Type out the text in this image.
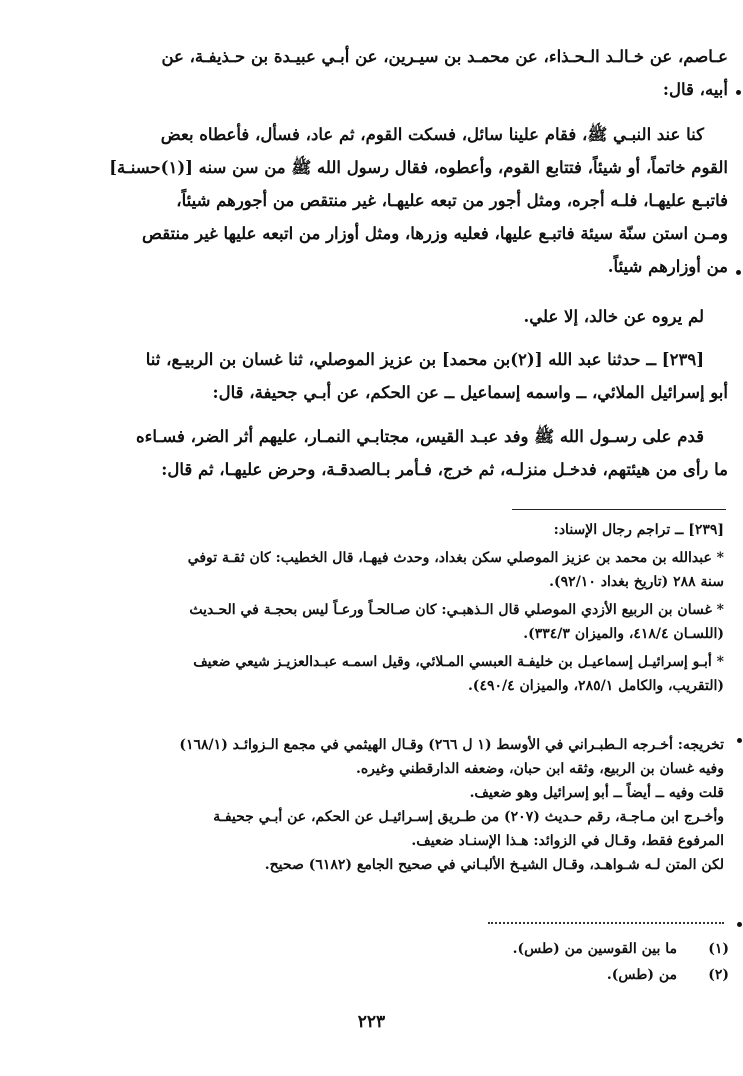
عـاصم، عن خـالـد الـحـذاء، عن محمـد بن سيـرين، عن أبـي عبيـدة بن حـذيفـة، عن

أبيه، قال:

كنا عند النبـي ﷺ، فقام علينا سائل، فسكت القوم، ثم عاد، فسأل، فأعطاه بعض

القوم خاتماً، أو شيئاً، فتتابع القوم، وأعطوه، فقال رسول الله ﷺ من سن سنه [(١)حسنـة]

فاتبـع عليهـا، فلـه أجره، ومثل أجور من تبعه عليهـا، غير منتقص من أجورهم شيئاً،

ومـن استن سنّة سيئة فاتبـع عليها، فعليه وزرها، ومثل أوزار من اتبعه عليها غير منتقص

من أوزارهم شيئاً.

لم يروه عن خالد، إلا علي.

[٢٣٩] ــ حدثنا عبد الله [(٢)بن محمد] بن عزيز الموصلي، ثنا غسان بن الربيـع، ثنا

أبو إسرائيل الملائي، ــ واسمه إسماعيل ــ عن الحكم، عن أبـي جحيفة، قال:

قدم على رسـول الله ﷺ وفد عبـد القيس، مجتابـي النمـار، عليهم أثر الضر، فسـاءه

ما رأى من هيئتهم، فدخـل منزلـه، ثم خرج، فـأمر بـالصدقـة، وحرض عليهـا، ثم قال:

[٢٣٩] ــ تراجم رجال الإسناد:

* عبدالله بن محمد بن عزيز الموصلي سكن بغداد، وحدث فيهـا، قال الخطيب: كان ثقـة توفي

سنة ٢٨٨ (تاريخ بغداد ٩٢/١٠).

* غسان بن الربيع الأزدي الموصلي قال الـذهبـي: كان صـالحـاً ورعـاً ليس بحجـة في الحـديث

(اللسـان ٤١٨/٤، والميزان ٣٣٤/٣).

* أبـو إسرائيـل إسماعيـل بن خليفـة العبسي المـلائي، وقيل اسمـه عبـدالعزيـز شيعي ضعيف

(التقريب، والكامل ٢٨٥/١، والميزان ٤٩٠/٤).

تخريجه: أخـرجه الـطبـراني في الأوسط (١ ل ٢٦٦) وقـال الهيثمي في مجمع الـزوائـد (١٦٨/١)

وفيه غسان بن الربيع، وثقه ابن حبان، وضعفه الدارقطني وغيره.

قلت وفيه ــ أيضاً ــ أبو إسرائيل وهو ضعيف.

وأخـرج ابن مـاجـة، رقم حـديث (٢٠٧) من طـريق إسـرائيـل عن الحكم، عن أبـي جحيفـة

المرفوع فقط، وقـال في الزوائد: هـذا الإسنـاد ضعيف.

لكن المتن لـه شـواهـد، وقـال الشيـخ الألبـاني في صحيح الجامع (٦١٨٢) صحيح.

(١)ما بين القوسين من (طس).
(٢)من (طس).
٢٢٣
